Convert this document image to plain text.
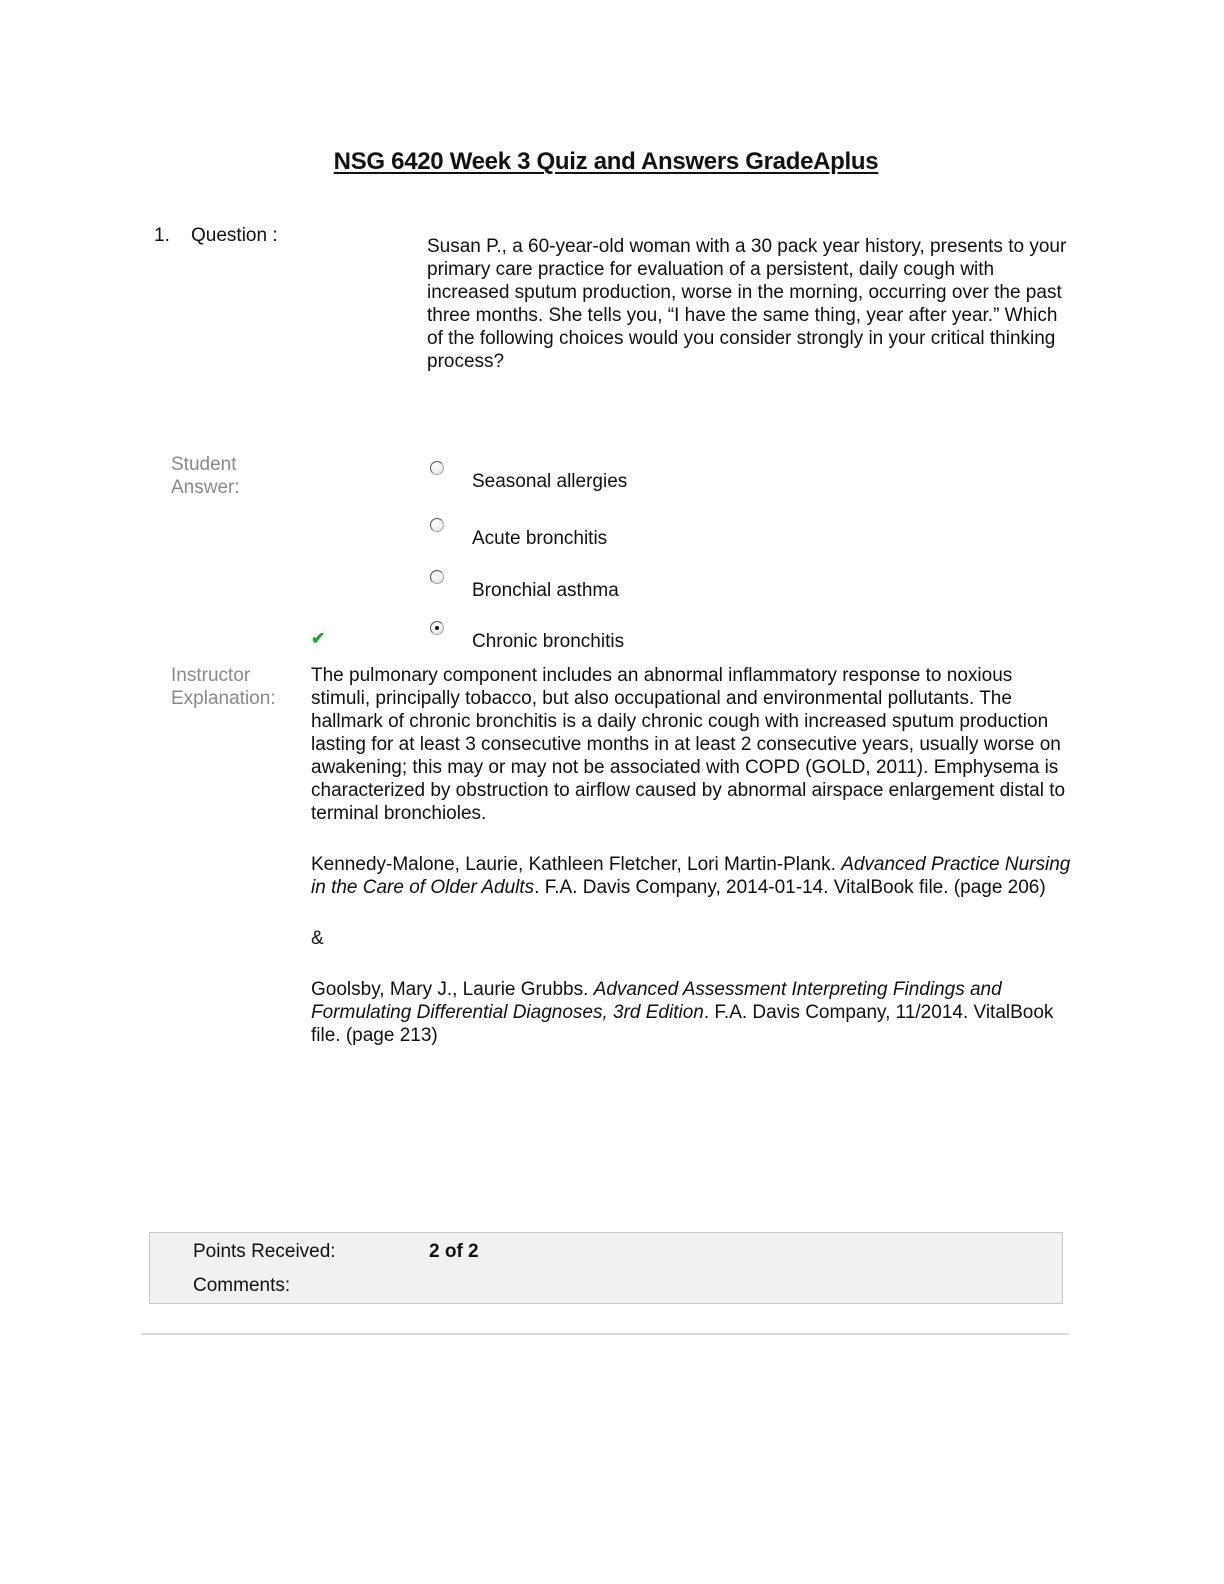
NSG 6420 Week 3 Quiz and Answers GradeAplus
1. Question :
Susan P., a 60-year-old woman with a 30 pack year history, presents to your primary care practice for evaluation of a persistent, daily cough with increased sputum production, worse in the morning, occurring over the past three months. She tells you, “I have the same thing, year after year.” Which of the following choices would you consider strongly in your critical thinking process?
Student
Answer:	Seasonal allergies
Acute bronchitis
Bronchial asthma
✔	Chronic bronchitis
Instructor
Explanation:

The pulmonary component includes an abnormal inflammatory response to noxious stimuli, principally tobacco, but also occupational and environmental pollutants. The hallmark of chronic bronchitis is a daily chronic cough with increased sputum production lasting for at least 3 consecutive months in at least 2 consecutive years, usually worse on awakening; this may or may not be associated with COPD (GOLD, 2011). Emphysema is characterized by obstruction to airflow caused by abnormal airspace enlargement distal to terminal bronchioles.

Kennedy-Malone, Laurie, Kathleen Fletcher, Lori Martin-Plank. Advanced Practice Nursing in the Care of Older Adults. F.A. Davis Company, 2014-01-14. VitalBook file. (page 206)

&

Goolsby, Mary J., Laurie Grubbs. Advanced Assessment Interpreting Findings and Formulating Differential Diagnoses, 3rd Edition. F.A. Davis Company, 11/2014. VitalBook file. (page 213)

Points Received:	2 of 2
Comments:
